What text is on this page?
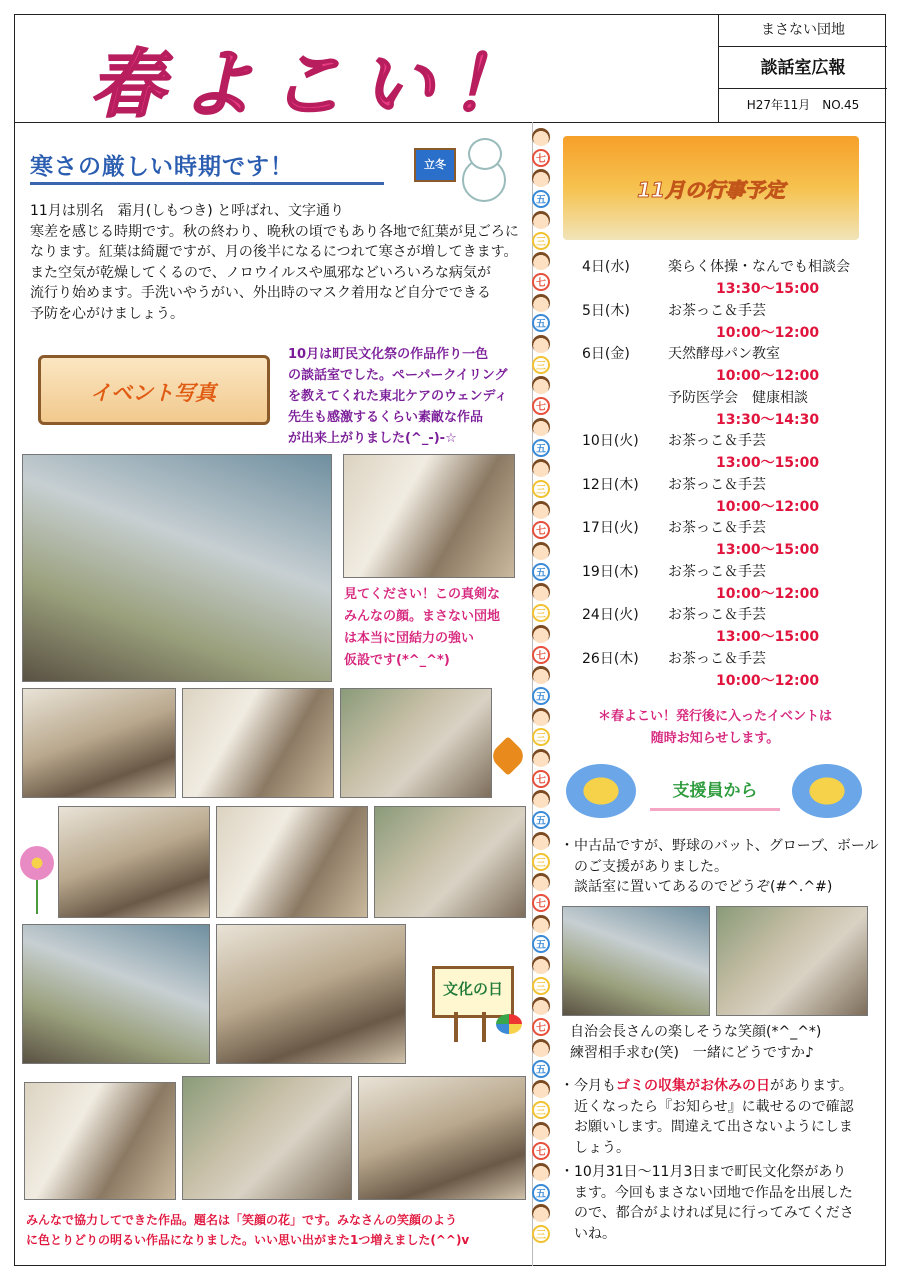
春よこい！
まさない団地
談話室広報
H27年11月　NO.45
寒さの厳しい時期です！	立冬
11月は別名　霜月(しもつき) と呼ばれ、文字通り
寒差を感じる時期です。秋の終わり、晩秋の頃でもあり各地で紅葉が見ごろに
なります。紅葉は綺麗ですが、月の後半になるにつれて寒さが増してきます。
また空気が乾燥してくるので、ノロウイルスや風邪などいろいろな病気が
流行り始めます。手洗いやうがい、外出時のマスク着用など自分でできる
予防を心がけましょう。
イベント写真
10月は町民文化祭の作品作り一色
の談話室でした。ペーパークイリング
を教えてくれた東北ケアのウェンディ
先生も感激するくらい素敵な作品
が出来上がりました(^_-)-☆
見てください！この真剣な
みんなの顔。まさない団地
は本当に団結力の強い
仮設です(*^_^*)
文化の日
みんなで協力してできた作品。題名は「笑顔の花」です。みなさんの笑顔のよう
に色とりどりの明るい作品になりました。いい思い出がまた1つ増えました(^^)v
七
五
三
七
五
三
七
五
三
七
五
三
七
五
三
七
五
三
七
五
三
七
五
三
七
五
三
11月の行事予定
4日(水)	楽らく体操・なんでも相談会
13:30～15:00
5日(木)	お茶っこ＆手芸
10:00～12:00
6日(金)	天然酵母パン教室
10:00～12:00
予防医学会　健康相談
13:30～14:30
10日(火)	お茶っこ＆手芸
13:00～15:00
12日(木)	お茶っこ＆手芸
10:00～12:00
17日(火)	お茶っこ＆手芸
13:00～15:00
19日(木)	お茶っこ＆手芸
10:00～12:00
24日(火)	お茶っこ＆手芸
13:00～15:00
26日(木)	お茶っこ＆手芸
10:00～12:00
＊春よこい！発行後に入ったイベントは
随時お知らせします。
支援員から
・中古品ですが、野球のバット、グローブ、ボール
　のご支援がありました。
　談話室に置いてあるのでどうぞ(#^.^#)
自治会長さんの楽しそうな笑顔(*^_^*)
練習相手求む(笑)　一緒にどうですか♪
・今月もゴミの収集がお休みの日があります。
　近くなったら『お知らせ』に載せるので確認
　お願いします。間違えて出さないようにしま
　しょう。
・10月31日～11月3日まで町民文化祭があり
　ます。今回もまさない団地で作品を出展した
　ので、都合がよければ見に行ってみてくださ
　いね。
